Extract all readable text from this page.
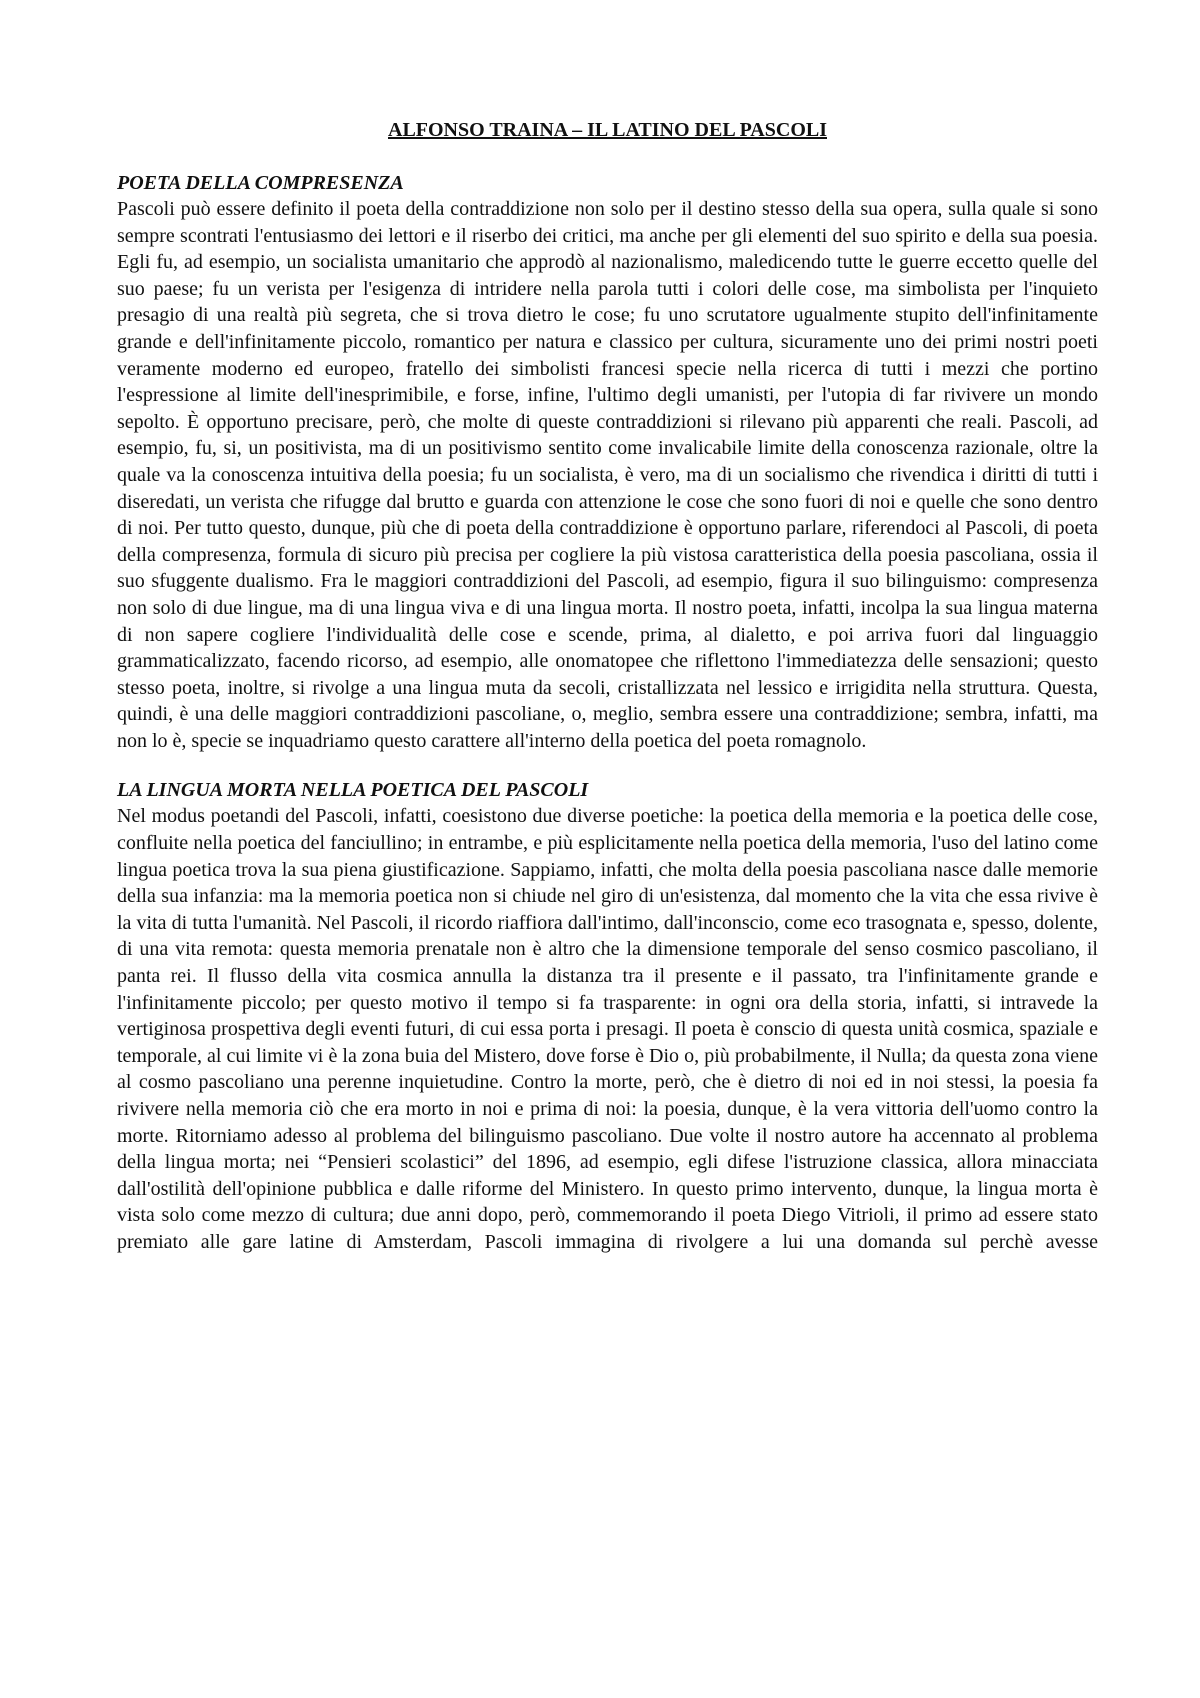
ALFONSO TRAINA – IL LATINO DEL PASCOLI

POETA DELLA COMPRESENZA

Pascoli può essere definito il poeta della contraddizione non solo per il destino stesso della sua opera, sulla quale si sono sempre scontrati l'entusiasmo dei lettori e il riserbo dei critici, ma anche per gli elementi del suo spirito e della sua poesia. Egli fu, ad esempio, un socialista umanitario che approdò al nazionalismo, maledicendo tutte le guerre eccetto quelle del suo paese; fu un verista per l'esigenza di intridere nella parola tutti i colori delle cose, ma simbolista per l'inquieto presagio di una realtà più segreta, che si trova dietro le cose; fu uno scrutatore ugualmente stupito dell'infinitamente grande e dell'infinitamente piccolo, romantico per natura e classico per cultura, sicuramente uno dei primi nostri poeti veramente moderno ed europeo, fratello dei simbolisti francesi specie nella ricerca di tutti i mezzi che portino l'espressione al limite dell'inesprimibile, e forse, infine, l'ultimo degli umanisti, per l'utopia di far rivivere un mondo sepolto. È opportuno precisare, però, che molte di queste contraddizioni si rilevano più apparenti che reali. Pascoli, ad esempio, fu, si, un positivista, ma di un positivismo sentito come invalicabile limite della conoscenza razionale, oltre la quale va la conoscenza intuitiva della poesia; fu un socialista, è vero, ma di un socialismo che rivendica i diritti di tutti i diseredati, un verista che rifugge dal brutto e guarda con attenzione le cose che sono fuori di noi e quelle che sono dentro di noi. Per tutto questo, dunque, più che di poeta della contraddizione è opportuno parlare, riferendoci al Pascoli, di poeta della compresenza, formula di sicuro più precisa per cogliere la più vistosa caratteristica della poesia pascoliana, ossia il suo sfuggente dualismo. Fra le maggiori contraddizioni del Pascoli, ad esempio, figura il suo bilinguismo: compresenza non solo di due lingue, ma di una lingua viva e di una lingua morta. Il nostro poeta, infatti, incolpa la sua lingua materna di non sapere cogliere l'individualità delle cose e scende, prima, al dialetto, e poi arriva fuori dal linguaggio grammaticalizzato, facendo ricorso, ad esempio, alle onomatopee che riflettono l'immediatezza delle sensazioni; questo stesso poeta, inoltre, si rivolge a una lingua muta da secoli, cristallizzata nel lessico e irrigidita nella struttura. Questa, quindi, è una delle maggiori contraddizioni pascoliane, o, meglio, sembra essere una contraddizione; sembra, infatti, ma non lo è, specie se inquadriamo questo carattere all'interno della poetica del poeta romagnolo.

LA LINGUA MORTA NELLA POETICA DEL PASCOLI

Nel modus poetandi del Pascoli, infatti, coesistono due diverse poetiche: la poetica della memoria e la poetica delle cose, confluite nella poetica del fanciullino; in entrambe, e più esplicitamente nella poetica della memoria, l'uso del latino come lingua poetica trova la sua piena giustificazione. Sappiamo, infatti, che molta della poesia pascoliana nasce dalle memorie della sua infanzia: ma la memoria poetica non si chiude nel giro di un'esistenza, dal momento che la vita che essa rivive è la vita di tutta l'umanità. Nel Pascoli, il ricordo riaffiora dall'intimo, dall'inconscio, come eco trasognata e, spesso, dolente, di una vita remota: questa memoria prenatale non è altro che la dimensione temporale del senso cosmico pascoliano, il panta rei. Il flusso della vita cosmica annulla la distanza tra il presente e il passato, tra l'infinitamente grande e l'infinitamente piccolo; per questo motivo il tempo si fa trasparente: in ogni ora della storia, infatti, si intravede la vertiginosa prospettiva degli eventi futuri, di cui essa porta i presagi. Il poeta è conscio di questa unità cosmica, spaziale e temporale, al cui limite vi è la zona buia del Mistero, dove forse è Dio o, più probabilmente, il Nulla; da questa zona viene al cosmo pascoliano una perenne inquietudine. Contro la morte, però, che è dietro di noi ed in noi stessi, la poesia fa rivivere nella memoria ciò che era morto in noi e prima di noi: la poesia, dunque, è la vera vittoria dell'uomo contro la morte. Ritorniamo adesso al problema del bilinguismo pascoliano. Due volte il nostro autore ha accennato al problema della lingua morta; nei “Pensieri scolastici” del 1896, ad esempio, egli difese l'istruzione classica, allora minacciata dall'ostilità dell'opinione pubblica e dalle riforme del Ministero. In questo primo intervento, dunque, la lingua morta è vista solo come mezzo di cultura; due anni dopo, però, commemorando il poeta Diego Vitrioli, il primo ad essere stato premiato alle gare latine di Amsterdam, Pascoli immagina di rivolgere a lui una domanda sul perchè avesse
